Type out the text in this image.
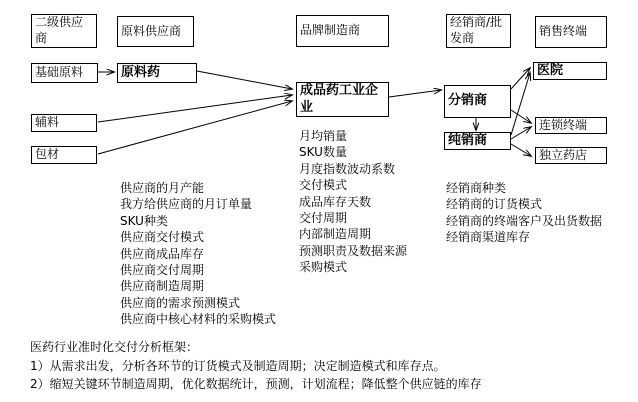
二级供应商
原料供应商	品牌制造商
经销商/批发商	销售终端
基础原料	原料药
辅料
包材
成品药工业企业	分销商
纯销商
医院
连锁终端
独立药店
供应商的月产能
我方给供应商的月订单量
SKU种类
供应商交付模式
供应商成品库存
供应商交付周期
供应商制造周期
供应商的需求预测模式
供应商中核心材料的采购模式
月均销量
SKU数量
月度指数波动系数
交付模式
成品库存天数
交付周期
内部制造周期
预测职责及数据来源
采购模式
经销商种类
经销商的订货模式
经销商的终端客户及出货数据
经销商渠道库存
医药行业准时化交付分析框架：
1）从需求出发，分析各环节的订货模式及制造周期；决定制造模式和库存点。
2）缩短关键环节制造周期，优化数据统计，预测，计划流程；降低整个供应链的库存
